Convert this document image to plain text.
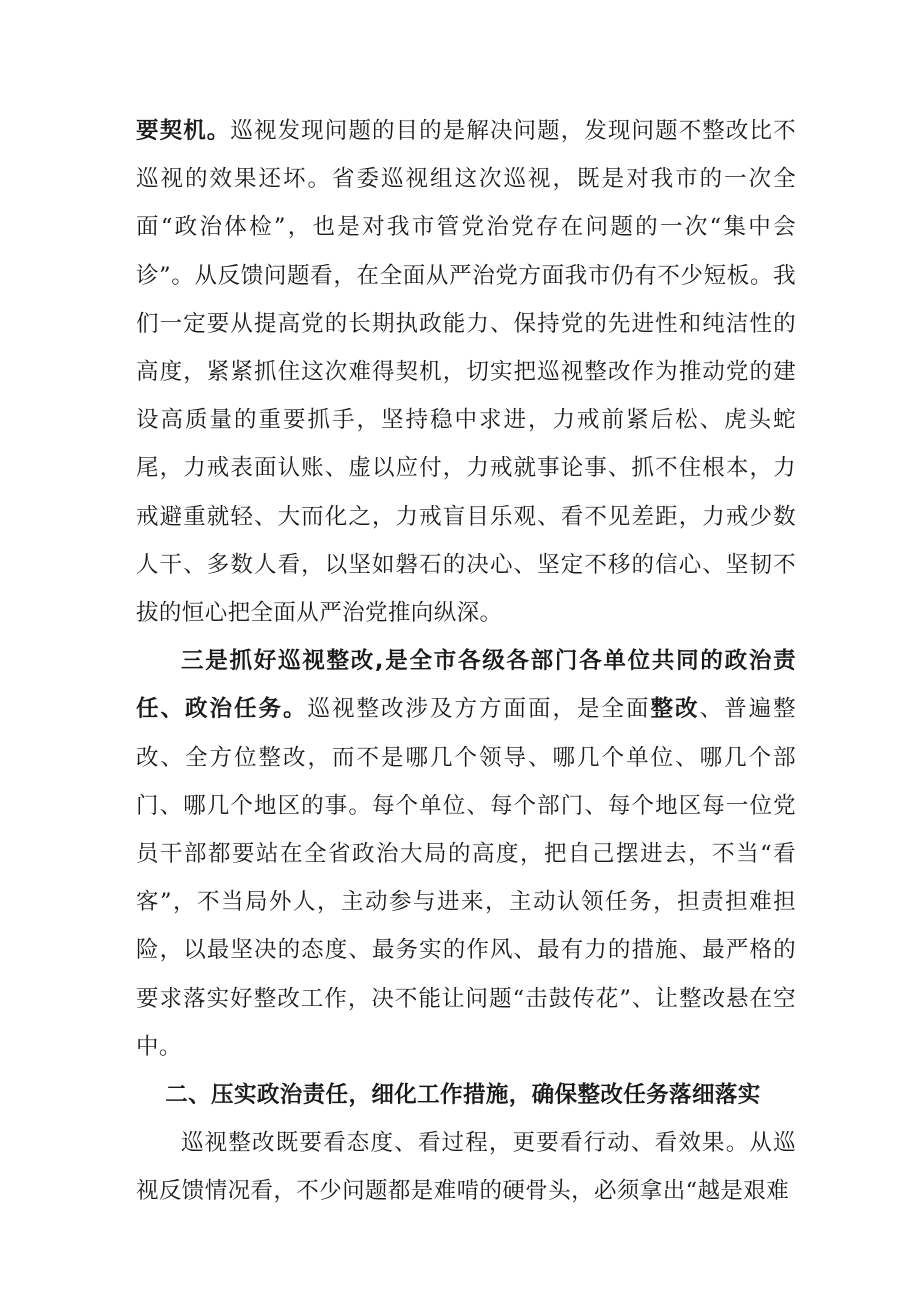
要契机。巡视发现问题的目的是解决问题，发现问题不整改比不巡视的效果还坏。省委巡视组这次巡视，既是对我市的一次全面“政治体检”，也是对我市管党治党存在问题的一次“集中会诊”。从反馈问题看，在全面从严治党方面我市仍有不少短板。我们一定要从提高党的长期执政能力、保持党的先进性和纯洁性的高度，紧紧抓住这次难得契机，切实把巡视整改作为推动党的建设高质量的重要抓手，坚持稳中求进，力戒前紧后松、虎头蛇尾，力戒表面认账、虚以应付，力戒就事论事、抓不住根本，力戒避重就轻、大而化之，力戒盲目乐观、看不见差距，力戒少数人干、多数人看，以坚如磐石的决心、坚定不移的信心、坚韧不拔的恒心把全面从严治党推向纵深。

三是抓好巡视整改,是全市各级各部门各单位共同的政治责任、政治任务。巡视整改涉及方方面面，是全面整改、普遍整改、全方位整改，而不是哪几个领导、哪几个单位、哪几个部门、哪几个地区的事。每个单位、每个部门、每个地区每一位党员干部都要站在全省政治大局的高度，把自己摆进去，不当“看客”，不当局外人，主动参与进来，主动认领任务，担责担难担险，以最坚决的态度、最务实的作风、最有力的措施、最严格的要求落实好整改工作，决不能让问题“击鼓传花”、让整改悬在空中。

二、压实政治责任，细化工作措施，确保整改任务落细落实

巡视整改既要看态度、看过程，更要看行动、看效果。从巡视反馈情况看，不少问题都是难啃的硬骨头，必须拿出“越是艰难
